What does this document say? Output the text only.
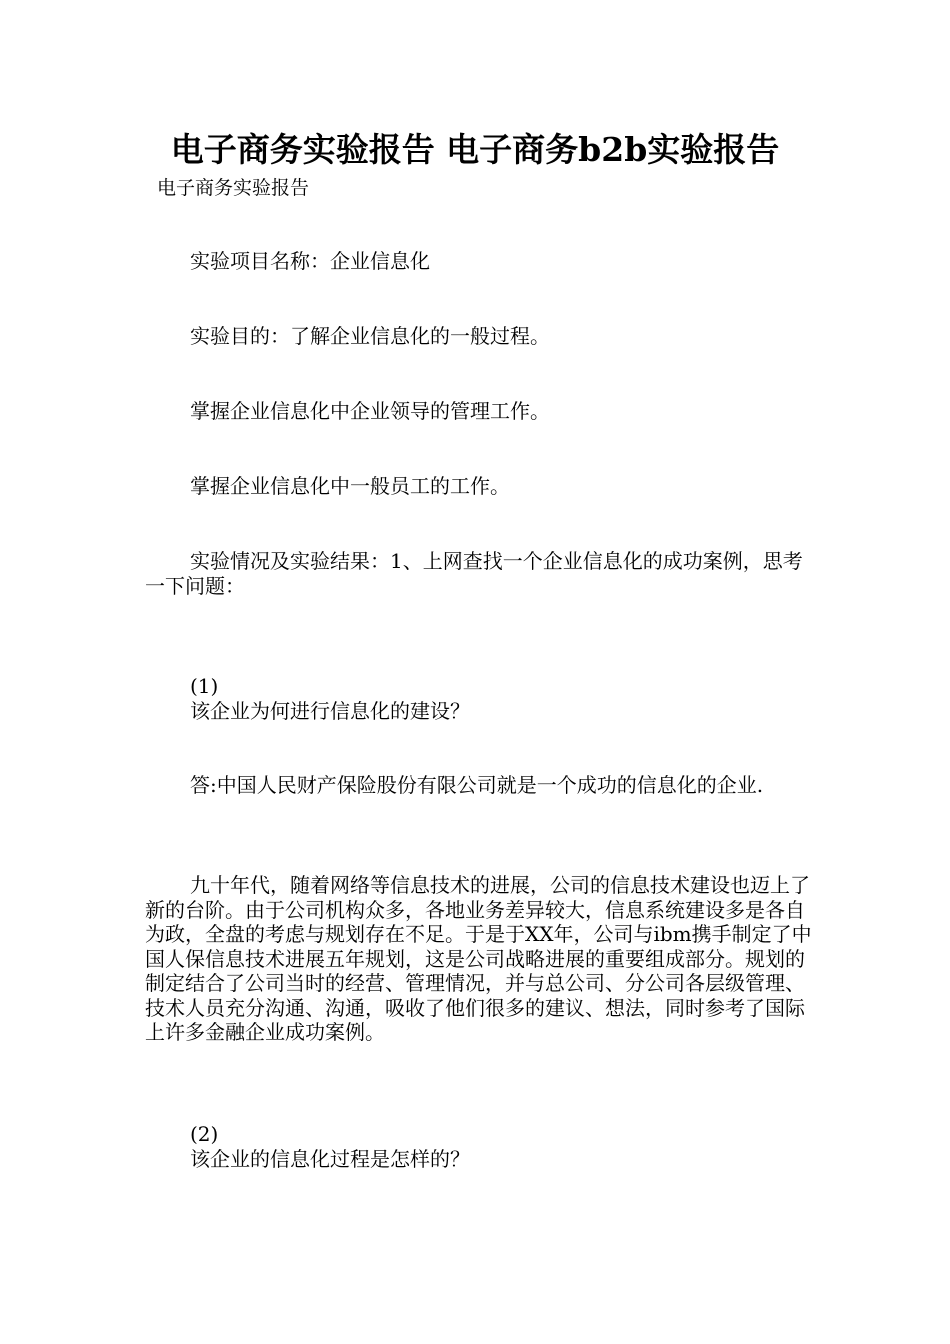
电子商务实验报告 电子商务b2b实验报告
电子商务实验报告

实验项目名称：企业信息化

实验目的：了解企业信息化的一般过程。

掌握企业信息化中企业领导的管理工作。

掌握企业信息化中一般员工的工作。

实验情况及实验结果：1、上网查找一个企业信息化的成功案例，思考一下问题：

(1)
该企业为何进行信息化的建设？

答:中国人民财产保险股份有限公司就是一个成功的信息化的企业.

九十年代，随着网络等信息技术的进展，公司的信息技术建设也迈上了新的台阶。由于公司机构众多，各地业务差异较大，信息系统建设多是各自为政，全盘的考虑与规划存在不足。于是于XX年，公司与ibm携手制定了中国人保信息技术进展五年规划，这是公司战略进展的重要组成部分。规划的制定结合了公司当时的经营、管理情况，并与总公司、分公司各层级管理、技术人员充分沟通、沟通，吸收了他们很多的建议、想法，同时参考了国际上许多金融企业成功案例。

(2)
该企业的信息化过程是怎样的？
